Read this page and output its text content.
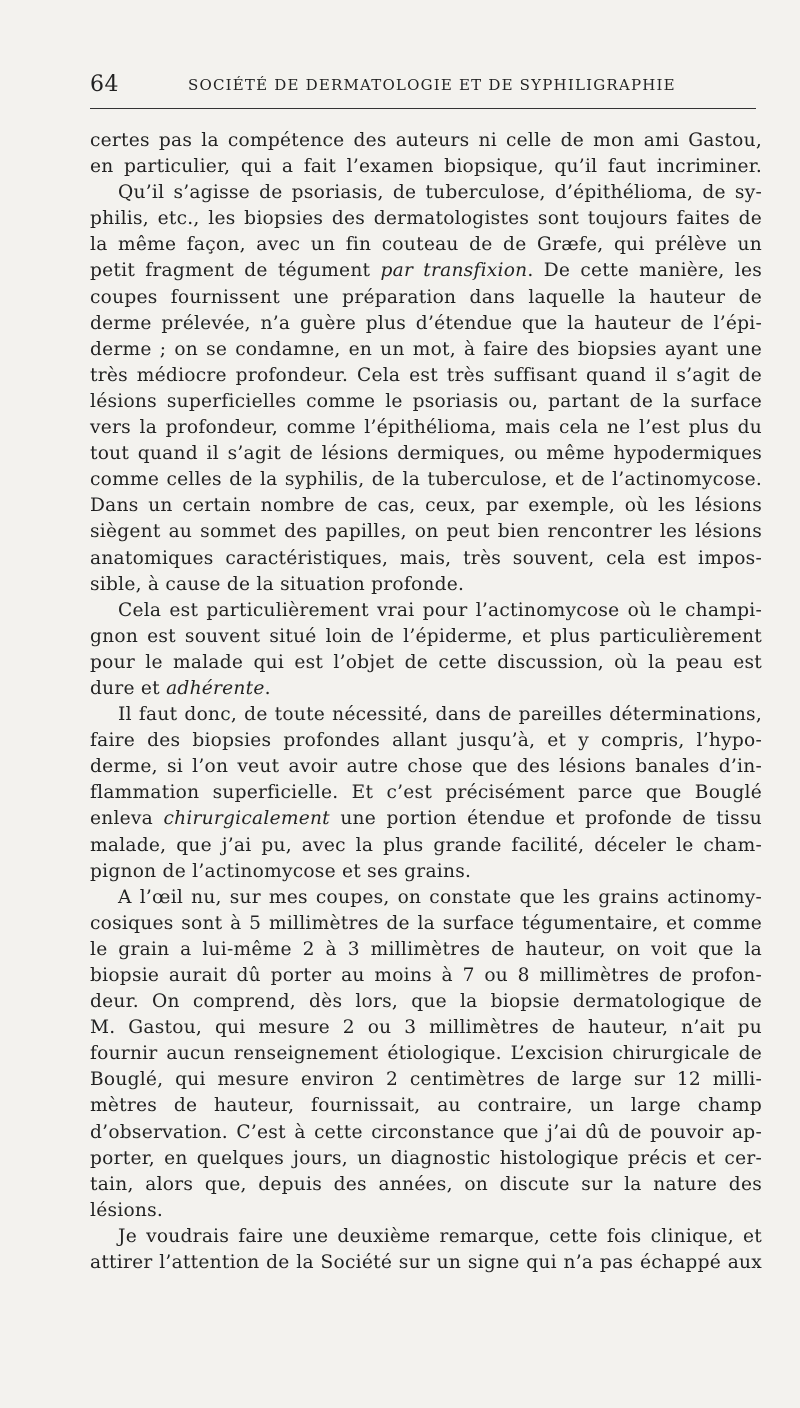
64	SOCIÉTÉ DE DERMATOLOGIE ET DE SYPHILIGRAPHIE
certes pas la compétence des auteurs ni celle de mon ami Gastou,
en particulier, qui a fait l’examen biopsique, qu’il faut incriminer.
Qu’il s’agisse de psoriasis, de tuberculose, d’épithélioma, de sy-
philis, etc., les biopsies des dermatologistes sont toujours faites de
la même façon, avec un fin couteau de de Græfe, qui prélève un
petit fragment de tégument par transfixion. De cette manière, les
coupes fournissent une préparation dans laquelle la hauteur de
derme prélevée, n’a guère plus d’étendue que la hauteur de l’épi-
derme ; on se condamne, en un mot, à faire des biopsies ayant une
très médiocre profondeur. Cela est très suffisant quand il s’agit de
lésions superficielles comme le psoriasis ou, partant de la surface
vers la profondeur, comme l’épithélioma, mais cela ne l’est plus du
tout quand il s’agit de lésions dermiques, ou même hypodermiques
comme celles de la syphilis, de la tuberculose, et de l’actinomycose.
Dans un certain nombre de cas, ceux, par exemple, où les lésions
siègent au sommet des papilles, on peut bien rencontrer les lésions
anatomiques caractéristiques, mais, très souvent, cela est impos-
sible, à cause de la situation profonde.
Cela est particulièrement vrai pour l’actinomycose où le champi-
gnon est souvent situé loin de l’épiderme, et plus particulièrement
pour le malade qui est l’objet de cette discussion, où la peau est
dure et adhérente.
Il faut donc, de toute nécessité, dans de pareilles déterminations,
faire des biopsies profondes allant jusqu’à, et y compris, l’hypo-
derme, si l’on veut avoir autre chose que des lésions banales d’in-
flammation superficielle. Et c’est précisément parce que Bouglé
enleva chirurgicalement une portion étendue et profonde de tissu
malade, que j’ai pu, avec la plus grande facilité, déceler le cham-
pignon de l’actinomycose et ses grains.
A l’œil nu, sur mes coupes, on constate que les grains actinomy-
cosiques sont à 5 millimètres de la surface tégumentaire, et comme
le grain a lui-même 2 à 3 millimètres de hauteur, on voit que la
biopsie aurait dû porter au moins à 7 ou 8 millimètres de profon-
deur. On comprend, dès lors, que la biopsie dermatologique de
M. Gastou, qui mesure 2 ou 3 millimètres de hauteur, n’ait pu
fournir aucun renseignement étiologique. L’excision chirurgicale de
Bouglé, qui mesure environ 2 centimètres de large sur 12 milli-
mètres de hauteur, fournissait, au contraire, un large champ
d’observation. C’est à cette circonstance que j’ai dû de pouvoir ap-
porter, en quelques jours, un diagnostic histologique précis et cer-
tain, alors que, depuis des années, on discute sur la nature des
lésions.
Je voudrais faire une deuxième remarque, cette fois clinique, et
attirer l’attention de la Société sur un signe qui n’a pas échappé aux
